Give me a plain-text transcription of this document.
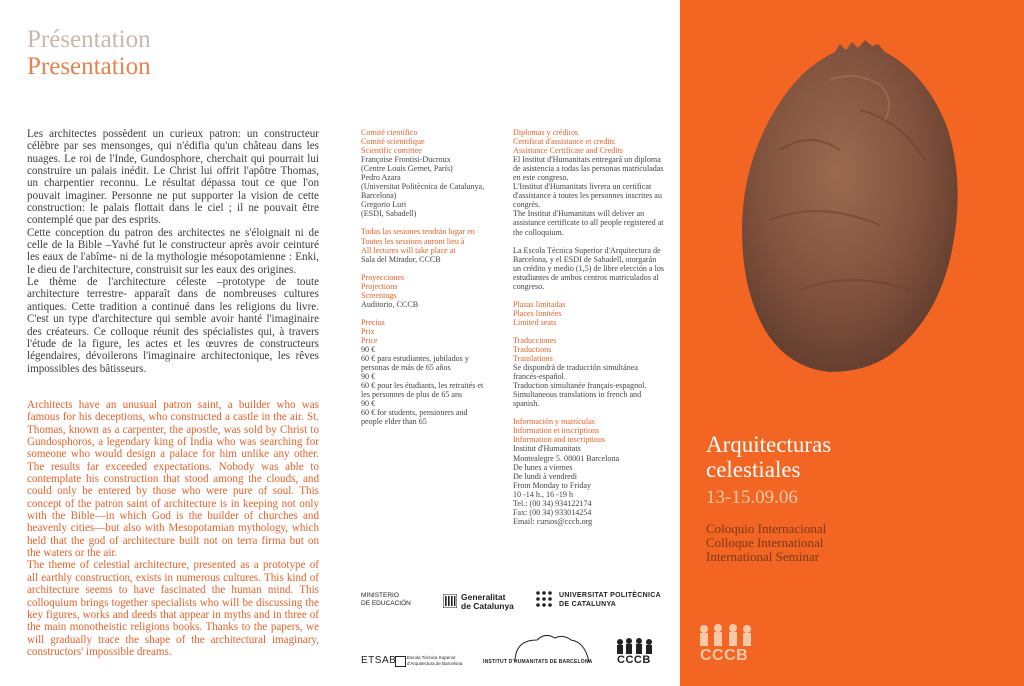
Présentation
Presentation

Les architectes possèdent un curieux patron: un constructeur célèbre par ses mensonges, qui n'édifia qu'un château dans les nuages. Le roi de l'Inde, Gundosphore, cherchait qui pourrait lui construire un palais inédit. Le Christ lui offrit l'apôtre Thomas, un charpentier reconnu. Le résultat dépassa tout ce que l'on pouvait imaginer. Personne ne put supporter la vision de cette construction: le palais flottait dans le ciel ; il ne pouvait être contemplé que par des esprits.

Cette conception du patron des architectes ne s'éloignait ni de celle de la Bible –Yavhé fut le constructeur après avoir ceinturé les eaux de l'abîme- ni de la mythologie mésopotamienne : Enki, le dieu de l'architecture, construisit sur les eaux des origines.

Le thème de l'architecture céleste –prototype de toute architecture terrestre- apparaît dans de nombreuses cultures antiques. Cette tradition a continué dans les religions du livre. C'est un type d'architecture qui semble avoir hanté l'imaginaire des créateurs. Ce colloque réunit des spécialistes qui, à travers l'étude de la figure, les actes et les œuvres de constructeurs légendaires, dévoilerons l'imaginaire architectonique, les rêves impossibles des bâtisseurs.

Architects have an unusual patron saint, a builder who was famous for his deceptions, who constructed a castle in the air. St. Thomas, known as a carpenter, the apostle, was sold by Christ to Gundosphoros, a legendary king of India who was searching for someone who would design a palace for him unlike any other. The results far exceeded expectations. Nobody was able to contemplate his construction that stood among the clouds, and could only be entered by those who were pure of soul. This concept of the patron saint of architecture is in keeping not only with the Bible—in which God is the builder of churches and heavenly cities—but also with Mesopotamian mythology, which held that the god of architecture built not on terra firma but on the waters or the air.

The theme of celestial architecture, presented as a prototype of all earthly construction, exists in numerous cultures. This kind of architecture seems to have fascinated the human mind. This colloquium brings together specialists who will be discussing the key figures, works and deeds that appear in myths and in three of the main monotheistic religions books. Thanks to the papers, we will gradually trace the shape of the architectural imaginary, constructors' impossible dreams.

Comité científico
Comité scientifique
Scientific comittee
Françoise Frontisi-Ducroux
(Centre Louis Gernet, París)
Pedro Azara
(Universitat Politècnica de Catalunya, Barcelona)
Gregorio Luri
(ESDI, Sabadell)
Todas las sesiones tendrán lugar en
Toutes les sessions auront lieu à
All lectures will take place at
Sala del Mirador, CCCB
Proyecciones
Projections
Screenings
Auditorio, CCCB
Precios
Prix
Price
90 €
60 € para estudiantes, jubilados y personas de más de 65 años
90 €
60 € pour les étudiants, les retraités et les personnes de plus de 65 ans
90 €
60 € for students, pensioners and people elder than 65
Diplomas y créditos
Certificat d'assistance et credits
Assistance Certificate and Credits
El Institut d'Humanitats entregará un diploma de asistencia a todas las personas matriculadas en este congreso.
L'Institut d'Humanitats livrera un certificat d'assistance à toutes les personnes inscrites au congrès.
The Institut d'Humanitats will deliver an assistance certificate to all people registered at the colloquium.
La Escola Tècnica Superior d'Arquitectura de Barcelona, y el ESDI de Sabadell, otorgarán un crédito y medio (1,5) de libre elección a los estudiantes de ambos centros matriculados al congreso.
Plazas limitadas
Places limitées
Limited seats
Traducciones
Traductions
Translations
Se dispondrá de traducción simultánea francés-español.
Traduction simultanée français-espagnol.
Simultaneous translations in french and spanish.
Información y matrículas
Information et inscriptions
Information and inscriptions
Institut d'Humanitats
Montealegre 5. 08001 Barcelona
De lunes a viernes
De lundi à vendredi
From Monday to Friday
10 -14 h., 16 -19 h
Tel.: (00 34) 934122174
Fax: (00 34) 933014254
Email: cursos@cccb.org
MINISTERIO
DE EDUCACIÓN
Generalitat
de Catalunya
UNIVERSITAT POLITÈCNICA
DE CATALUNYA
ETSAB Escola Tècnica Superior
d'Arquitectura de Barcelona	INSTITUT D'HUMANITATS DE BARCELONA CCCB
Arquitecturas
celestiales
13-15.09.06
Coloquio Internacional
Colloque International
International Seminar
CCCB
